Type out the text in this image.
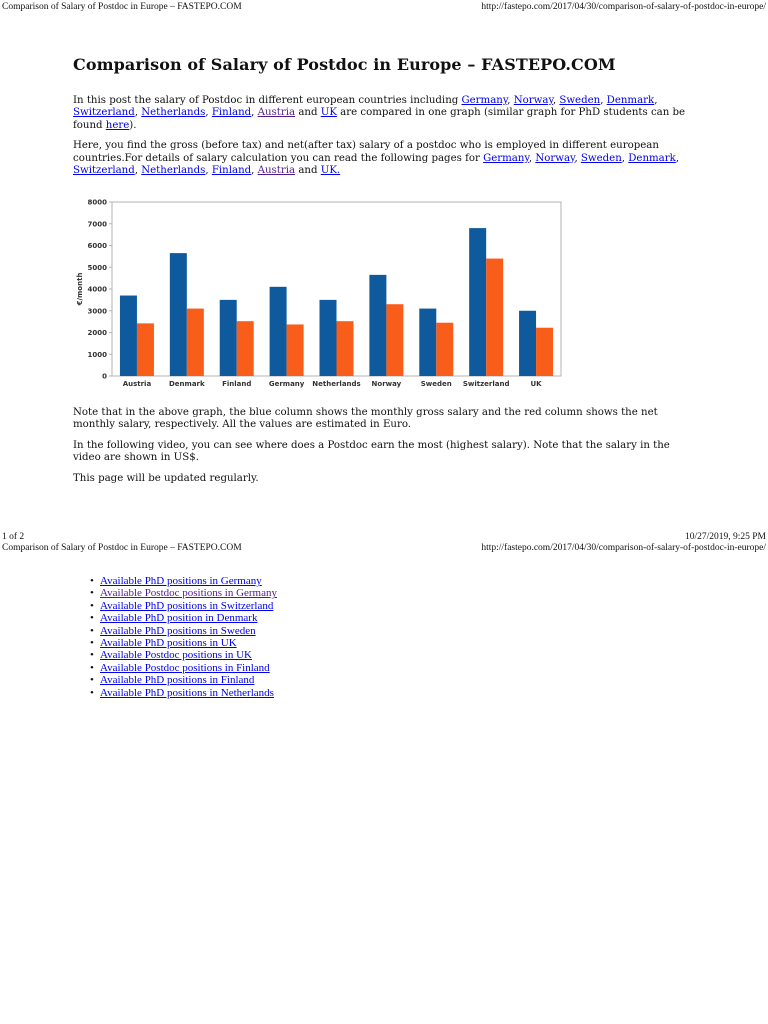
Comparison of Salary of Postdoc in Europe – FASTEPO.COM	http://fastepo.com/2017/04/30/comparison-of-salary-of-postdoc-in-europe/
Comparison of Salary of Postdoc in Europe – FASTEPO.COM

In this post the salary of Postdoc in different european countries including Germany, Norway, Sweden, Denmark, Switzerland, Netherlands, Finland, Austria and UK are compared in one graph (similar graph for PhD students can be found here).

Here, you find the gross (before tax) and net(after tax) salary of a postdoc who is employed in different european countries.For details of salary calculation you can read the following pages for Germany, Norway, Sweden, Denmark, Switzerland, Netherlands, Finland, Austria and UK.

0
1000
2000
3000
4000
5000
6000
7000
8000
€/month
Austria	Denmark Finland Germany Netherlands Norway	Sweden Switzerland	UK

Note that in the above graph, the blue column shows the monthly gross salary and the red column shows the net monthly salary, respectively. All the values are estimated in Euro.

In the following video, you can see where does a Postdoc earn the most (highest salary). Note that the salary in the video are shown in US$.

This page will be updated regularly.

1 of 2	10/27/2019, 9:25 PM
Comparison of Salary of Postdoc in Europe – FASTEPO.COM	http://fastepo.com/2017/04/30/comparison-of-salary-of-postdoc-in-europe/
• Available PhD positions in Germany
• Available Postdoc positions in Germany
• Available PhD positions in Switzerland
• Available PhD position in Denmark
• Available PhD positions in Sweden
• Available PhD positions in UK
• Available Postdoc positions in UK
• Available Postdoc positions in Finland
• Available PhD positions in Finland
• Available PhD positions in Netherlands
